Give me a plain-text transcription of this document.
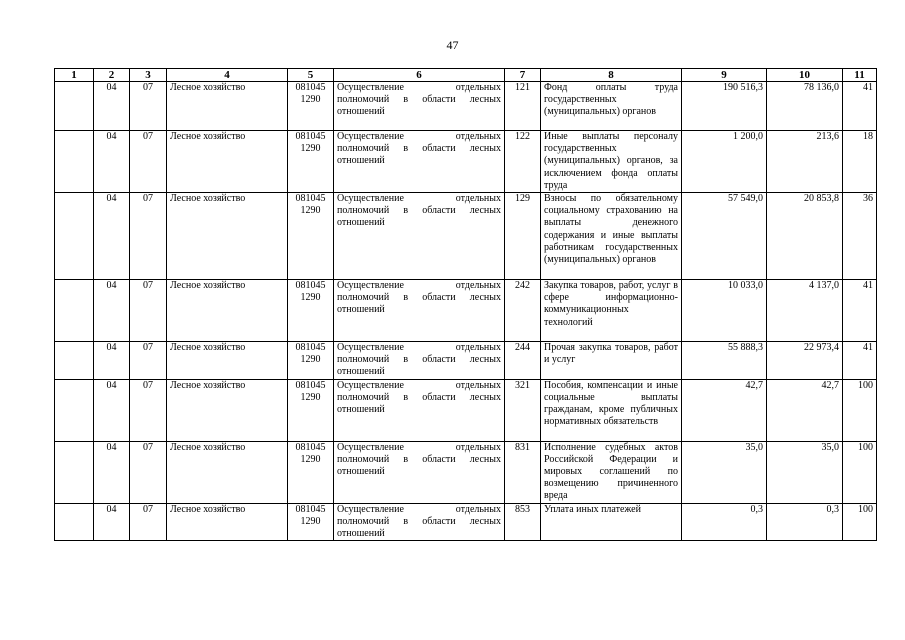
47
1	2	3	4	5	6	7	8	9	10	11
	04	07	Лесное хозяйство	081045 1290	Осуществление отдельных полномочий в области лесных отношений	121	Фонд оплаты труда государственных (муниципальных) органов	190 516,3	78 136,0	41
	04	07	Лесное хозяйство	081045 1290	Осуществление отдельных полномочий в области лесных отношений	122	Иные выплаты персоналу государственных (муниципальных) органов, за исключением фонда оплаты труда	1 200,0	213,6	18
	04	07	Лесное хозяйство	081045 1290	Осуществление отдельных полномочий в области лесных отношений	129	Взносы по обязательному социальному страхованию на выплаты денежного содержания и иные выплаты работникам государственных (муниципальных) органов	57 549,0	20 853,8	36
	04	07	Лесное хозяйство	081045 1290	Осуществление отдельных полномочий в области лесных отношений	242	Закупка товаров, работ, услуг в сфере информационно-коммуникационных технологий	10 033,0	4 137,0	41
	04	07	Лесное хозяйство	081045 1290	Осуществление отдельных полномочий в области лесных отношений	244	Прочая закупка товаров, работ и услуг	55 888,3	22 973,4	41
	04	07	Лесное хозяйство	081045 1290	Осуществление отдельных полномочий в области лесных отношений	321	Пособия, компенсации и иные социальные выплаты гражданам, кроме публичных нормативных обязательств	42,7	42,7	100
	04	07	Лесное хозяйство	081045 1290	Осуществление отдельных полномочий в области лесных отношений	831	Исполнение судебных актов Российской Федерации и мировых соглашений по возмещению причиненного вреда	35,0	35,0	100
	04	07	Лесное хозяйство	081045 1290	Осуществление отдельных полномочий в области лесных отношений	853	Уплата иных платежей	0,3	0,3	100
